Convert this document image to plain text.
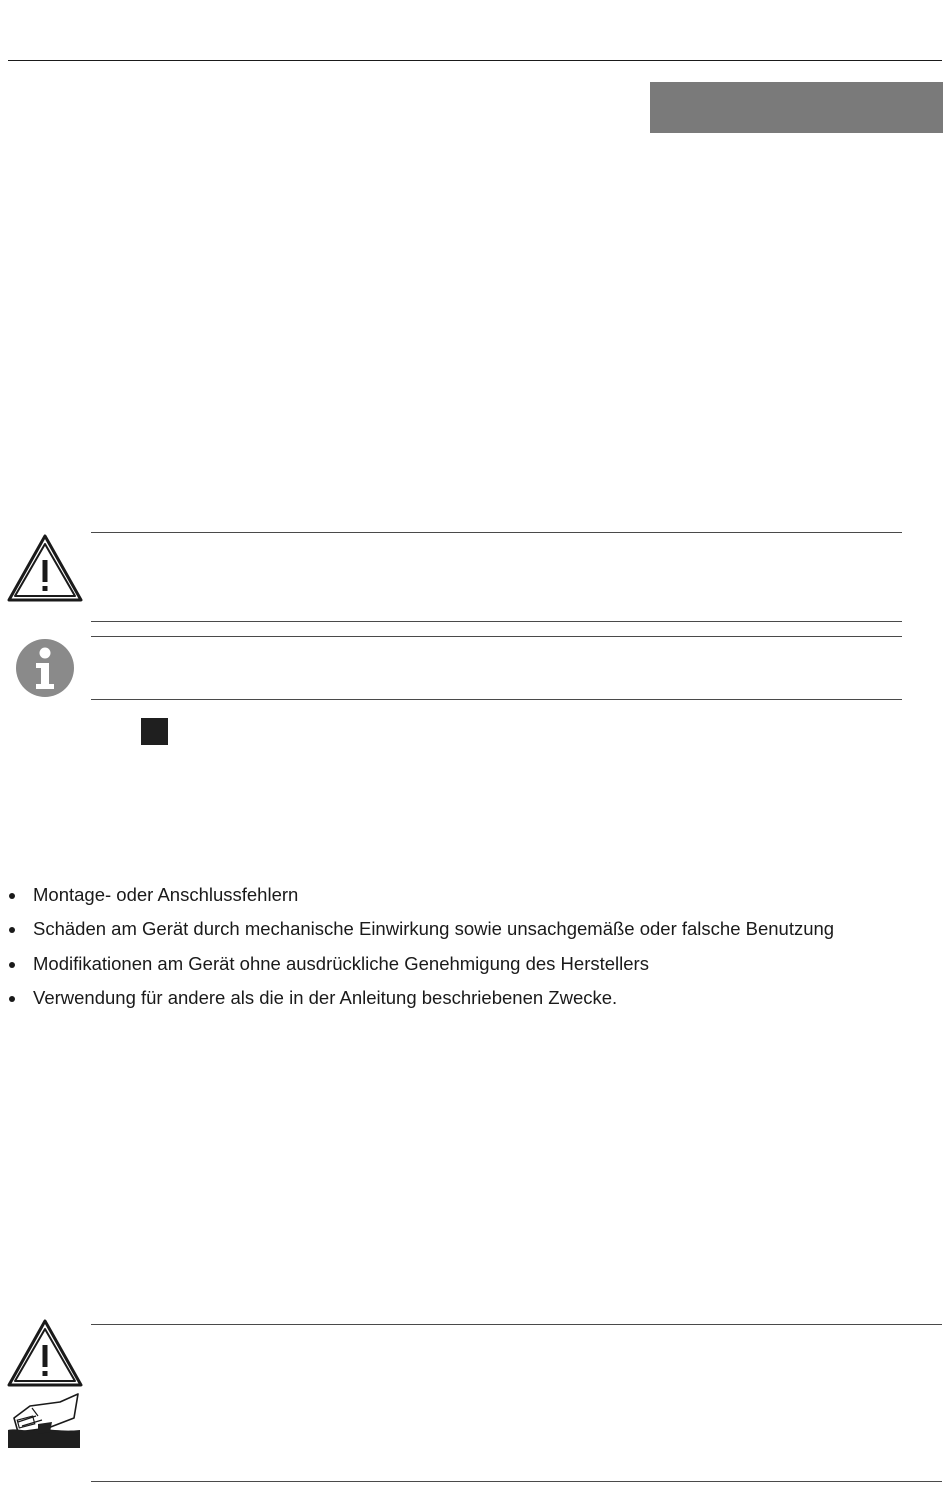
Montage- oder Anschlussfehlern
Schäden am Gerät durch mechanische Einwirkung sowie unsachgemäße oder falsche Benutzung
Modifikationen am Gerät ohne ausdrückliche Genehmigung des Herstellers
Verwendung für andere als die in der Anleitung beschriebenen Zwecke.
